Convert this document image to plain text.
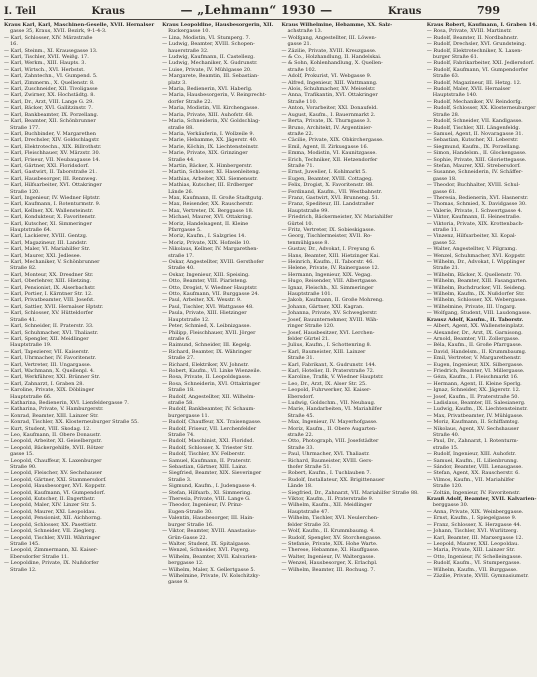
I. Teil	Kraus	— „Lehmann“ 1930 —	Kraus	799

Kraus Karl, Karl, Maschinen-Geselle, XVII. Hernalser

gasse 35, Kraus, XVII. Bezirk, 9-1-4-3.

— Karl, Schlosser, XIV. Märzstraße

16.

— Karl, Steinm., XI. Krausegasse 13.

— Karl, Tischler, XVII. Weißg. 17.

— Karl, Werkm., XIII. Haupts. 3.

— Karl, Wirtsch., XVI. Herbstst.

— Karl, Zahntechn., VI. Gumpend. 5.

— Karl, Zimmerm., X. Quellenstr. 8.

— Karl, Zuschneider, XII. Tivoligasse

— Karl, Zwirner, XX. Hochstädtg. 8.

— Karl, Dr., Arzt, VIII. Lange G. 29.

— Karl, Bäcker, XVI. Gallitzinstr. 7.

— Karl, Bankbeamter, IX. Porzellang.

— Karl, Beamter, XII. Schönbrunner

Straße 177.

— Karl, Buchbinder, V. Margarethen

— Karl, Drechsler, XIV. Goldschlagstr.

— Karl, Elektrotechn., XIX. Billrothstr.

— Karl, Fleischhauer, XV. Märzstr. 30.

— Karl, Friseur, VII. Neubaugasse 14.

— Karl, Gärtner, XXI. Floridsdorf.

— Karl, Gastwirt, II. Taborstraße 21.

— Karl, Hausbesorger, III. Rennweg.

— Karl, Hilfsarbeiter, XVI. Ottakringer

Straße 120.

— Karl, Ingenieur, IV. Wiedner Hptstr.

— Karl, Kaufmann, I. Rotenturmstr. 9.

— Karl, Kellner, XX. Wallensteinstr.

— Karl, Kondukteur, X. Favoritenstr.

— Karl, Kutscher, XI. Simmeringer

Hauptstraße 64.

— Karl, Lackierer, XVIII. Gentzg.

— Karl, Magazineur, III. Landstr.

— Karl, Maler, VI. Mariahilfer Str.

— Karl, Maurer, XXI. Jedlesee.

— Karl, Mechaniker, V. Schönbrunner

Straße 82.

— Karl, Monteur, XX. Dresdner Str.

— Karl, Oberlehrer, XIII. Hietzing.

— Karl, Pensionist, IX. Alserbachstr.

— Karl, Portier, I. Kärntner Str. 12.

— Karl, Privatbeamter, VIII. Josefst.

— Karl, Sattler, XVII. Hernalser Hptstr.

— Karl, Schlosser, XV. Hütteldorfer

Straße 41.

— Karl, Schneider, II. Praterstr. 33.

— Karl, Schuhmacher, XVI. Thaliastr.

— Karl, Spengler, XII. Meidlinger

Hauptstraße 19.

— Karl, Tapezierer, VII. Kaiserstr.

— Karl, Uhrmacher, IV. Favoritenstr.

— Karl, Vertreter, III. Ungargasse.

— Karl, Wachmann, X. Quellenpl. 4.

— Karl, Werkführer, XXI. Brünner Str.

— Karl, Zahnarzt, I. Graben 28.

— Karoline, Private, XIX. Döblinger

Hauptstraße 66.

— Katharina, Bedienerin, XVI. Lienfeldergasse 7.

— Katharina, Private, V. Hamburgerstr.

— Konrad, Beamter, XIII. Lainzer Str.

— Konrad, Tischler, XX. Klosterneuburger Straße 55.

— Kurt, Student, VIII. Skodag. 12.

— Leo, Kaufmann, II. Obere Donaustr.

— Leopold, Arbeiter, XI. Geiselbergstr.

— Leopold, Bäckergehilfe, XVII. Rötzer

gasse 15.

— Leopold, Chauffeur, X. Laxenburger

Straße 90.

— Leopold, Fleischer, XV. Sechshauser

— Leopold, Gärtner, XXI. Stammersdorf.

— Leopold, Hausbesorger, XVI. Koppstr.

— Leopold, Kaufmann, VI. Gumpendorf.

— Leopold, Kutscher, II. Engerthstr.

— Leopold, Maler, XIV. Linzer Str. 5.

— Leopold, Maurer, XXI. Leopoldau.

— Leopold, Pensionist, XII. Aichhorng.

— Leopold, Schlosser, XX. Pasettistr.

— Leopold, Schneider, VII. Zieglerg.

— Leopold, Tischler, XVIII. Währinger

Straße 145.

— Leopold, Zimmermann, XI. Kaiser-

Ebersdorfer Straße 11.

— Leopoldine, Private, IX. Nußdorfer

Straße 12.

Kraus Leopoldine, Hausbesorgerin, XII.

Ruckergasse 10.

— Lina, Modistin, VI. Stumperg. 7.

— Ludwig, Beamter, XVIII. Schopen-

hauerstraße 32.

— Ludwig, Kaufmann, II. Castellezg.

— Ludwig, Mechaniker, X. Gudrunstr.

— Luise, Private, IV. Mühlgasse 20.

— Margarete, Beamtin, III. Sebastian-

platz 3.

— Maria, Bedienerin, XVI. Haberlg.

— Maria, Hausbesorgerin, V. Reinprecht-

dorfer Straße 22.

— Maria, Modistin, VII. Kirchengasse.

— Maria, Private, XIII. Auhofstr. 68.

— Maria, Schneiderin, XV. Goldschlag-

straße 88.

— Maria, Verkäuferin, I. Wollzeile 9.

— Marie, Hebamme, XX. Jägerstr. 40.

— Marie, Köchin, IX. Liechtensteinstr.

— Marie, Private, XIX. Grinzinger

Straße 44.

— Martin, Bäcker, X. Himbergerstr.

— Martin, Schlosser, XI. Hasenleiteng.

— Mathias, Arbeiter, XXI. Siemensstr.

— Mathias, Kutscher, III. Erdberger

Lände 26.

— Max, Kaufmann, II. Große Stadtgutg.

— Max, Reisender, XX. Rauscherstr.

— Max, Vertreter, IX. Berggasse 18.

— Michael, Maurer, XVI. Ottakring.

— Moriz, Handelsagent, II. Kleine

Pfarrgasse 5.

— Moriz, Kaufm., I. Salzgries 14.

— Moriz, Private, XIX. Hofzeile 10.

— Nikolaus, Kellner, IV. Margarethen-

straße 17.

— Oskar, Angestellter, XVIII. Gersthofer

Straße 40.

— Oskar, Ingenieur, XIII. Speising.

— Otto, Beamter, VIII. Piaristeng.

— Otto, Drogist, V. Wiedner Hauptstr.

— Otto, Kaufmann, VII. Burggasse 24.

— Paul, Arbeiter, XX. Wexstr. 9.

— Paul, Tischler, XVI. Wattgasse 48.

— Paula, Private, XIII. Hietzinger

Hauptstraße 12.

— Peter, Schmied, X. Leibnizgasse.

— Philipp, Fleischhauer, XVII. Jörger

straße 6.

— Raimund, Schneider, III. Kegelg.

— Richard, Beamter, IX. Währinger

Straße 27.

— Richard, Elektriker, XV. Johnstr.

— Robert, Kaufm., VI. Linke Wienzeile.

— Rosa, Private, II. Leopoldsgasse.

— Rosa, Schneiderin, XVI. Ottakringer

Straße 18.

— Rudolf, Angestellter, XII. Wilhelm-

straße 58.

— Rudolf, Bankbeamter, IV. Schaum-

burgergasse 11.

— Rudolf, Chauffeur, XX. Traisengasse.

— Rudolf, Friseur, VII. Lerchenfelder

Straße 74.

— Rudolf, Maschinist, XXI. Floridsd.

— Rudolf, Schlosser, X. Triester Str.

— Rudolf, Tischler, XV. Felberstr.

— Samuel, Kaufmann, II. Praterstr.

— Sebastian, Gärtner, XIII. Lainz.

— Siegfried, Beamter, XIX. Sieveringer

Straße 3.

— Sigmund, Kaufm., I. Judengasse 4.

— Stefan, Hilfsarb., XI. Simmering.

— Theresia, Private, VIII. Lange G.

— Theodor, Ingenieur, IV. Prinz-

Eugen-Straße 30.

— Valentin, Hausbesorger, III. Hain-

burger Straße 16.

— Viktor, Beamter, XVIII. Anastasius-

Grün-Gasse 22.

— Walter, Student, IX. Spitalgasse.

— Wenzel, Schneider, XVI. Payerg.

— Wilhelm, Beamter, XVII. Kalvarien-

berggasse 12.

— Wilhelm, Maler, X. Gellertgasse 5.

— Wilhelmine, Private, IV. Kolschitzky-

gasse 9.

Kraus Wilhelmine, Hebamme, XX. Salz-

achstraße 13.

— Wolfgang, Angestellter, III. Löwen-

gasse 21.

— Zäzilie, Private, XVIII. Kreuzgasse.

— & Co., Holzhandlung, II. Handelskai.

— & Sohn, Kohlenhandlung, X. Quellen-

straße 102.

— Adolf, Prokurist, VI. Webgasse 9.

— Alfred, Ingenieur, XIII. Wattmanng.

— Alois, Schuhmacher, XV. Meiselstr.

— Anna, Trafikantin, XVI. Ottakringer

Straße 110.

— Anton, Vorarbeiter, XXI. Donaufeld.

— August, Kaufm., I. Bauernmarkt 2.

— Berta, Private, IX. Thurngasse 3.

— Bruno, Architekt, IV. Argentinier-

straße 22.

— Cäcilie, Private, XIX. Obkirchergasse.

— Emil, Agent, II. Zirkusgasse 16.

— Emma, Modistin, VI. Kaunitzgasse.

— Erich, Techniker, XII. Hetzendorfer

Straße 71.

— Ernst, Juwelier, I. Kohlmarkt 5.

— Eugen, Beamter, XVIII. Cottageg.

— Felix, Drogist, X. Favoritenstr. 88.

— Ferdinand, Kaufm., VII. Westbahnstr.

— Franz, Gastwirt, XVI. Brunneng. 51.

— Franz, Spediteur, III. Landstraßer

Hauptstraße 99.

— Friedrich, Bäckermeister, XV. Mariahilfer

Gürtel 10.

— Fritz, Vertreter, IX. Sobieskigasse.

— Georg, Tischlermeister, XVII. Ro-

tenmühlgasse 8.

— Gustav, Dr., Advokat, I. Freyung 6.

— Hans, Beamter, XIII. Hietzinger Kai.

— Heinrich, Kaufm., II. Taborstr. 46.

— Helene, Private, IV. Rainergasse 12.

— Hermann, Ingenieur, XIX. Vegag.

— Hugo, Reisender, VIII. Albertgasse.

— Ignaz, Fleischh., XI. Simmeringer

Hauptstraße 101.

— Jakob, Kaufmann, II. Große Mohreng.

— Johann, Gärtner, XXI. Kagran.

— Johanna, Private, XV. Schweglerstr.

— Josef, Bauunternehmer, XVIII. Wäh-

ringer Straße 120.

— Josef, Hausbesitzer, XVI. Lerchen-

felder Gürtel 21.

— Julius, Kaufm., I. Schottenring 8.

— Karl, Baumeister, XIII. Lainzer

Straße 31.

— Karl, Fabrikant, X. Gudrunstr. 144.

— Karl, Hotelier, II. Praterstraße 72.

— Karoline, Trafik, V. Wiedner Hauptstr.

— Leo, Dr., Arzt, IX. Alser Str. 25.

— Leopold, Fuhrwerker, XI. Kaiser-

Ebersdorf.

— Ludwig, Goldschm., VII. Neubaug.

— Marie, Handarbeiten, VI. Mariahilfer

Straße 45.

— Max, Ingenieur, IV. Mayerhofgasse.

— Moriz, Kaufm., II. Obere Augarten-

straße 22.

— Otto, Photograph, VIII. Josefstädter

Straße 33.

— Paul, Uhrmacher, XVI. Thaliastr.

— Richard, Baumeister, XVIII. Gers-

thofer Straße 51.

— Robert, Kaufm., I. Tuchlauben 7.

— Rudolf, Installateur, XX. Brigittenauer

Lände 18.

— Siegfried, Dr., Zahnarzt, VII. Mariahilfer Straße 88.

— Viktor, Kaufm., II. Praterstraße 9.

— Wilhelm, Kaufm., XII. Meidlinger

Hauptstraße 47.

— Wilhelm, Tischler, XVI. Neulerchen-

felder Straße 33.

— Wolf, Kaufm., II. Krummbaumg. 4.

— Rudolf, Spengler, XV. Storchengasse.

— Stefanie, Private, XIX. Hohe Warte.

— Therese, Hebamme, XI. Hauffgasse.

— Walter, Ingenieur, IV. Waltergasse.

— Wenzel, Hausbesorger, X. Erlachpl.

— Wilhelm, Beamter, III. Rochusg. 7.

Kraus Robert, Kaufmann, I. Graben 14.

— Rosa, Private, XVIII. Martinstr.

— Rudolf, Beamter, II. Nordbahnstr.

— Rudolf, Drechsler, XVI. Grundsteing.

— Rudolf, Elektrotechniker, X. Laxen-

burger Straße 61.

— Rudolf, Fabrikarbeiter, XXI. Jedlersdorf.

— Rudolf, Kaufmann, VI. Gumpendorfer

Straße 63.

— Rudolf, Magazineur, III. Hetzg. 12.

— Rudolf, Maler, XVII. Hernalser

Hauptstraße 140.

— Rudolf, Mechaniker, XV. Reindorfg.

— Rudolf, Schlosser, XX. Klosterneuburger

Straße 28.

— Rudolf, Schneider, VII. Kandlgasse.

— Rudolf, Tischler, XII. Längenfeldg.

— Samuel, Agent, II. Novaragasse 31.

— Sebastian, Kutscher, XI. Leberstr.

— Siegmund, Kaufm., IX. Porzellang.

— Simon, Handelsm., II. Glockengasse.

— Sophie, Private, XIII. Gloriettegasse.

— Stefan, Maurer, XXI. Strebersdorf.

— Susanne, Schneiderin, IV. Schäffer-

gasse 18.

— Theodor, Buchhalter, XVIII. Schul-

gasse 61.

— Theresia, Bedienerin, XVI. Hasnerstr.

— Thomas, Schmied, X. Davidgasse 30.

— Valerie, Private, I. Schwertgasse 4.

— Viktor, Kaufmann, II. Heinestraße.

— Viktoria, Private, XIX. Krottenbach-

straße 11.

— Vinzenz, Hilfsarbeiter, XI. Kopal-

gasse 52.

— Walter, Angestellter, V. Pilgramg.

— Wenzel, Schuhmacher, XVI. Koppstr.

— Wilhelm, Dr., Advokat, I. Wipplinger

Straße 21.

— Wilhelm, Bäcker, X. Quellenstr. 70.

— Wilhelm, Beamter, XIII. Fasangarten.

— Wilhelm, Buchdrucker, VII. Seideng.

— Wilhelm, Kaufm., IX. Nußdorfer Str.

— Wilhelm, Schlosser, XX. Webergasse.

— Wilhelmine, Private, III. Ungarg.

— Wolfgang, Student, VIII. Laudongasse.

Krausz Adolf, Kaufm., II. Taborstr.

— Albert, Agent, XX. Wallensteinplatz.

— Alexander, Dr., Arzt, IX. Garnisong.

— Arnold, Beamter, VII. Zollergasse.

— Béla, Kaufm., II. Große Pfarrgasse.

— David, Handelsm., II. Krummbaumg.

— Emil, Vertreter, V. Margarethenstr.

— Eugen, Ingenieur, XIX. Silbergasse.

— Friedrich, Beamter, VI. Millergasse.

— Géza, Kaufm., I. Fleischmarkt 16.

— Hermann, Agent, II. Kleine Sperlg.

— Ignaz, Schneider, XX. Jägerstr. 12.

— Josef, Kaufm., II. Praterstraße 50.

— Ladislaus, Beamter, III. Salesianerg.

— Ludwig, Kaufm., IX. Liechtensteinstr.

— Max, Privatbeamter, IV. Mühlgasse.

— Moriz, Kaufmann, II. Schiffamtsg.

— Nikolaus, Agent, XV. Sechshauser

Straße 40.

— Paul, Dr., Zahnarzt, I. Rotenturm-

straße 15.

— Rudolf, Ingenieur, XIII. Auhofstr.

— Samuel, Kaufm., II. Lilienbrunng.

— Sándor, Beamter, VIII. Lenaugasse.

— Stefan, Agent, XX. Rauscherstr. 6.

— Vilmos, Kaufm., VII. Mariahilfer

Straße 120.

— Zoltán, Ingenieur, IV. Favoritenstr.

Krauß Adolf, Beamter, XVII. Kalvarien-

berggasse 30.

— Anna, Private, XIX. Weinberggasse.

— Ernst, Kaufm., I. Spiegelgasse 9.

— Franz, Schlosser, X. Herzgasse 44.

— Johann, Tischler, XVI. Wurlitzerg.

— Karl, Beamter, III. Marxergasse 12.

— Leopold, Maurer, XXI. Leopoldau.

— Maria, Private, XIII. Lainzer Str.

— Otto, Ingenieur, IV. Schelleingasse.

— Rudolf, Kaufm., VI. Stumpergasse.

— Wilhelm, Kaufm., VII. Burggasse.

— Zäzilie, Private, XVIII. Gymnasiumstr.
